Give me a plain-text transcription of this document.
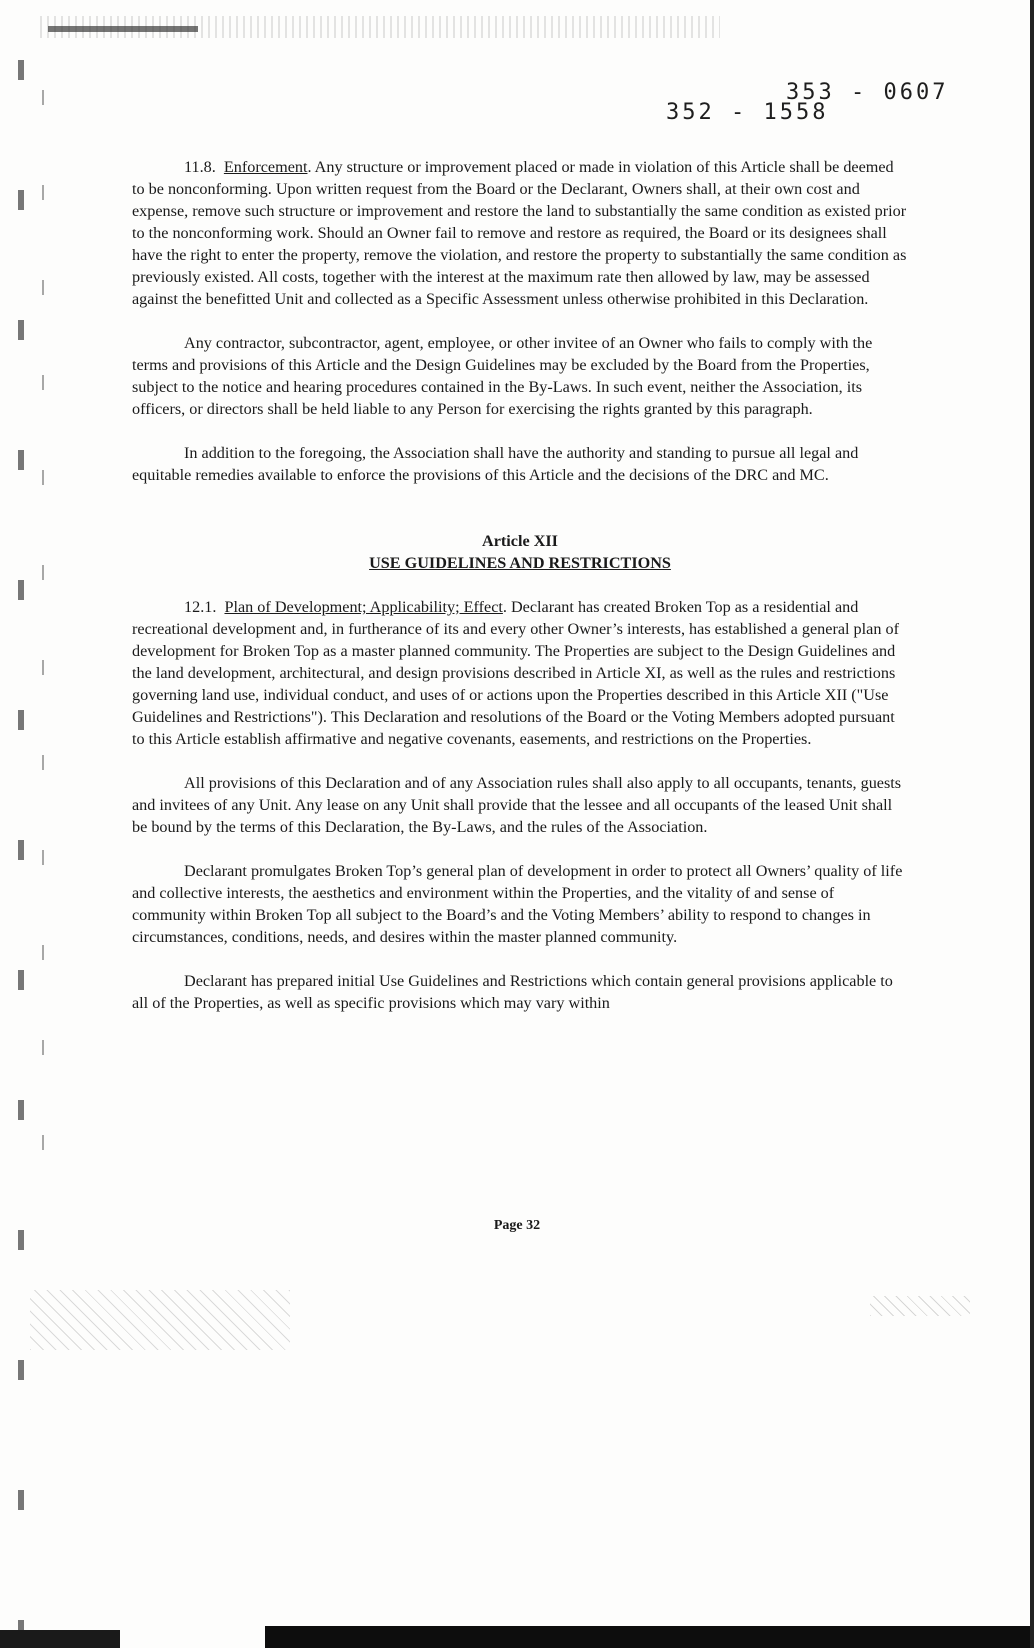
353 - 0607
352 - 1558

11.8. Enforcement. Any structure or improvement placed or made in violation of this Article shall be deemed to be nonconforming. Upon written request from the Board or the Declarant, Owners shall, at their own cost and expense, remove such structure or improvement and restore the land to substantially the same condition as existed prior to the nonconforming work. Should an Owner fail to remove and restore as required, the Board or its designees shall have the right to enter the property, remove the violation, and restore the property to substantially the same condition as previously existed. All costs, together with the interest at the maximum rate then allowed by law, may be assessed against the benefitted Unit and collected as a Specific Assessment unless otherwise prohibited in this Declaration.

Any contractor, subcontractor, agent, employee, or other invitee of an Owner who fails to comply with the terms and provisions of this Article and the Design Guidelines may be excluded by the Board from the Properties, subject to the notice and hearing procedures contained in the By-Laws. In such event, neither the Association, its officers, or directors shall be held liable to any Person for exercising the rights granted by this paragraph.

In addition to the foregoing, the Association shall have the authority and standing to pursue all legal and equitable remedies available to enforce the provisions of this Article and the decisions of the DRC and MC.

Article XII

USE GUIDELINES AND RESTRICTIONS

12.1. Plan of Development; Applicability; Effect. Declarant has created Broken Top as a residential and recreational development and, in furtherance of its and every other Owner’s interests, has established a general plan of development for Broken Top as a master planned community. The Properties are subject to the Design Guidelines and the land development, architectural, and design provisions described in Article XI, as well as the rules and restrictions governing land use, individual conduct, and uses of or actions upon the Properties described in this Article XII ("Use Guidelines and Restrictions"). This Declaration and resolutions of the Board or the Voting Members adopted pursuant to this Article establish affirmative and negative covenants, easements, and restrictions on the Properties.

All provisions of this Declaration and of any Association rules shall also apply to all occupants, tenants, guests and invitees of any Unit. Any lease on any Unit shall provide that the lessee and all occupants of the leased Unit shall be bound by the terms of this Declaration, the By-Laws, and the rules of the Association.

Declarant promulgates Broken Top’s general plan of development in order to protect all Owners’ quality of life and collective interests, the aesthetics and environment within the Properties, and the vitality of and sense of community within Broken Top all subject to the Board’s and the Voting Members’ ability to respond to changes in circumstances, conditions, needs, and desires within the master planned community.

Declarant has prepared initial Use Guidelines and Restrictions which contain general provisions applicable to all of the Properties, as well as specific provisions which may vary within

Page 32
